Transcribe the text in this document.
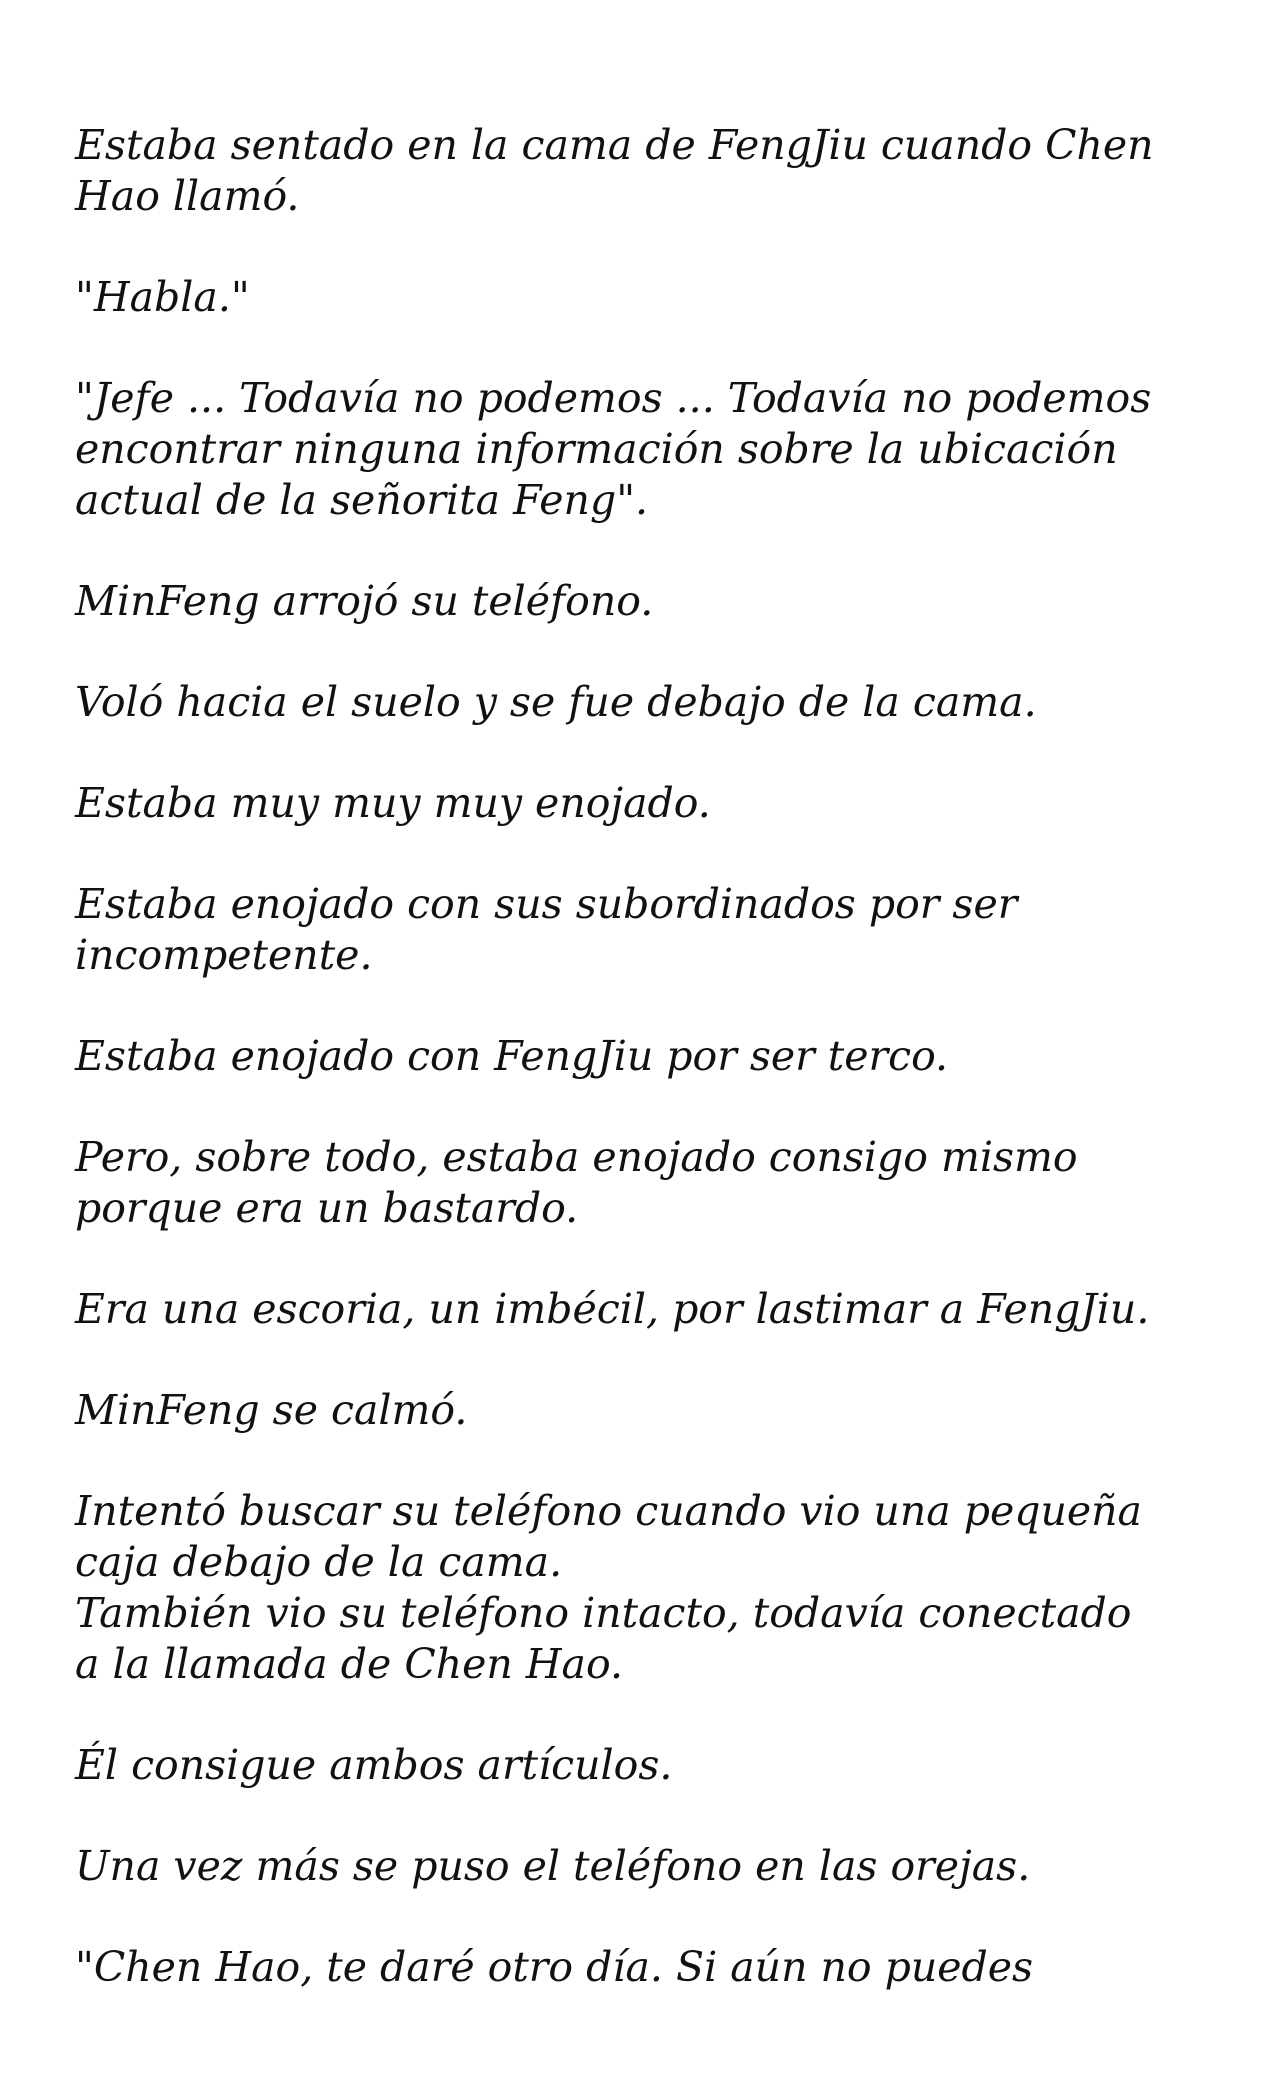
Estaba sentado en la cama de FengJiu cuando Chen
Hao llamó.

"Habla."

"Jefe ... Todavía no podemos ... Todavía no podemos
encontrar ninguna información sobre la ubicación
actual de la señorita Feng".

MinFeng arrojó su teléfono.

Voló hacia el suelo y se fue debajo de la cama.

Estaba muy muy muy enojado.

Estaba enojado con sus subordinados por ser
incompetente.

Estaba enojado con FengJiu por ser terco.

Pero, sobre todo, estaba enojado consigo mismo
porque era un bastardo.

Era una escoria, un imbécil, por lastimar a FengJiu.

MinFeng se calmó.

Intentó buscar su teléfono cuando vio una pequeña
caja debajo de la cama.
También vio su teléfono intacto, todavía conectado
a la llamada de Chen Hao.

Él consigue ambos artículos.

Una vez más se puso el teléfono en las orejas.

"Chen Hao, te daré otro día. Si aún no puedes
